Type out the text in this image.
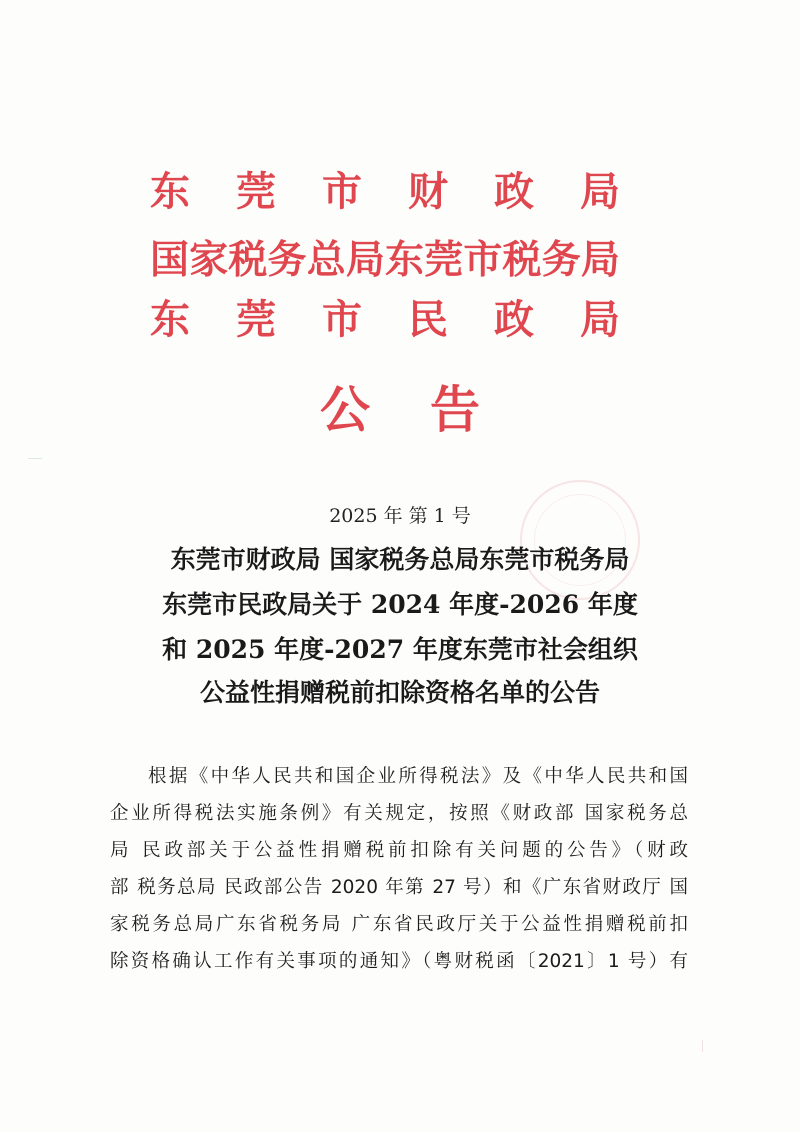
东 莞 市 财 政 局
国 家 税 务 总 局 东 莞 市 税 务 局
东 莞 市 民 政 局
公 告
2025 年 第 1 号
东莞市财政局 国家税务总局东莞市税务局
东莞市民政局关于 2024 年度-2026 年度
和 2025 年度-2027 年度东莞市社会组织
公益性捐赠税前扣除资格名单的公告
根据《中华人民共和国企业所得税法》及《中华人民共和国
企业所得税法实施条例》有关规定，按照《财政部 国家税务总
局 民政部关于公益性捐赠税前扣除有关问题的公告》（财政
部 税务总局 民政部公告 2020 年第 27 号）和《广东省财政厅 国
家税务总局广东省税务局 广东省民政厅关于公益性捐赠税前扣
除资格确认工作有关事项的通知》（粤财税函〔2021〕1 号）有
